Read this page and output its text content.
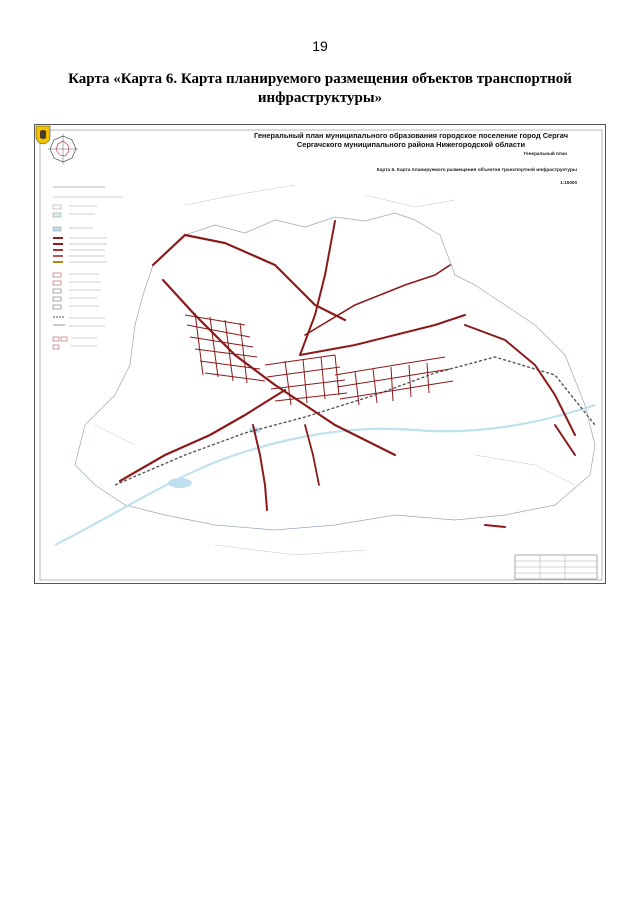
19
Карта «Карта 6. Карта планируемого размещения объектов транспортной
инфраструктуры»
Генеральный план муниципального образования городское поселение город Сергач
Сергачского муниципального района Нижегородской области
Генеральный план
Карта 6. Карта планируемого размещения объектов транспортной инфраструктуры
1:15000
